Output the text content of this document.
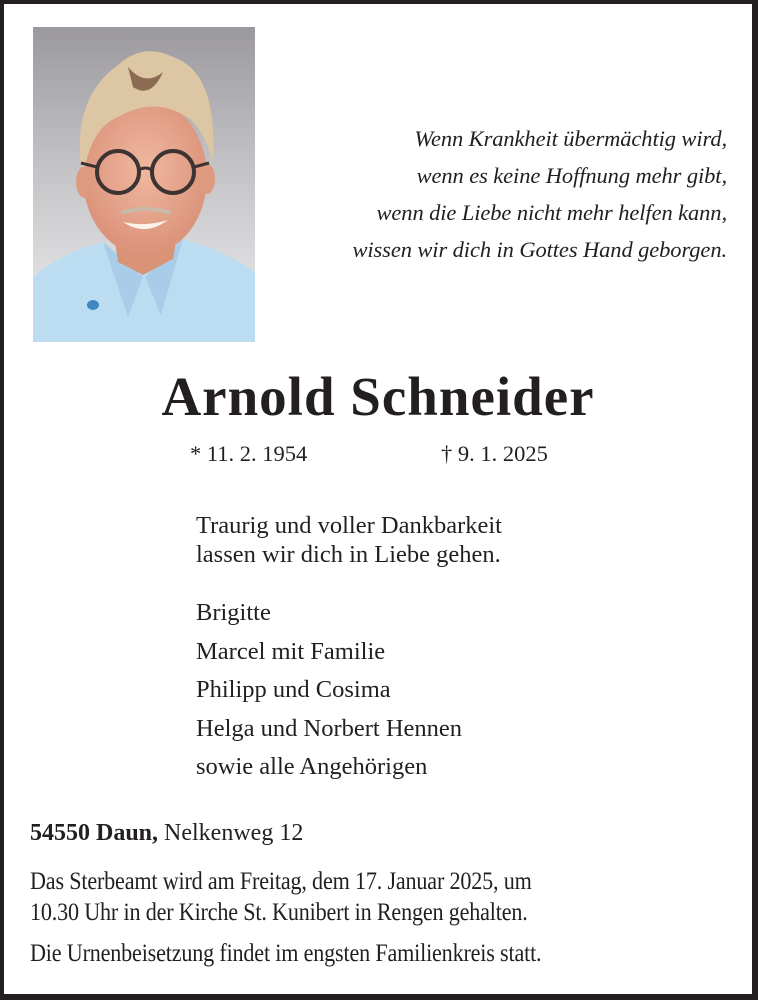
Wenn Krankheit übermächtig wird,
wenn es keine Hoffnung mehr gibt,
wenn die Liebe nicht mehr helfen kann,
wissen wir dich in Gottes Hand geborgen.
Arnold Schneider
* 11. 2. 1954	† 9. 1. 2025
Traurig und voller Dankbarkeit
lassen wir dich in Liebe gehen.
Brigitte
Marcel mit Familie
Philipp und Cosima
Helga und Norbert Hennen
sowie alle Angehörigen
54550 Daun, Nelkenweg 12
Das Sterbeamt wird am Freitag, dem 17. Januar 2025, um
10.30 Uhr in der Kirche St. Kunibert in Rengen gehalten.
Die Urnenbeisetzung findet im engsten Familienkreis statt.
